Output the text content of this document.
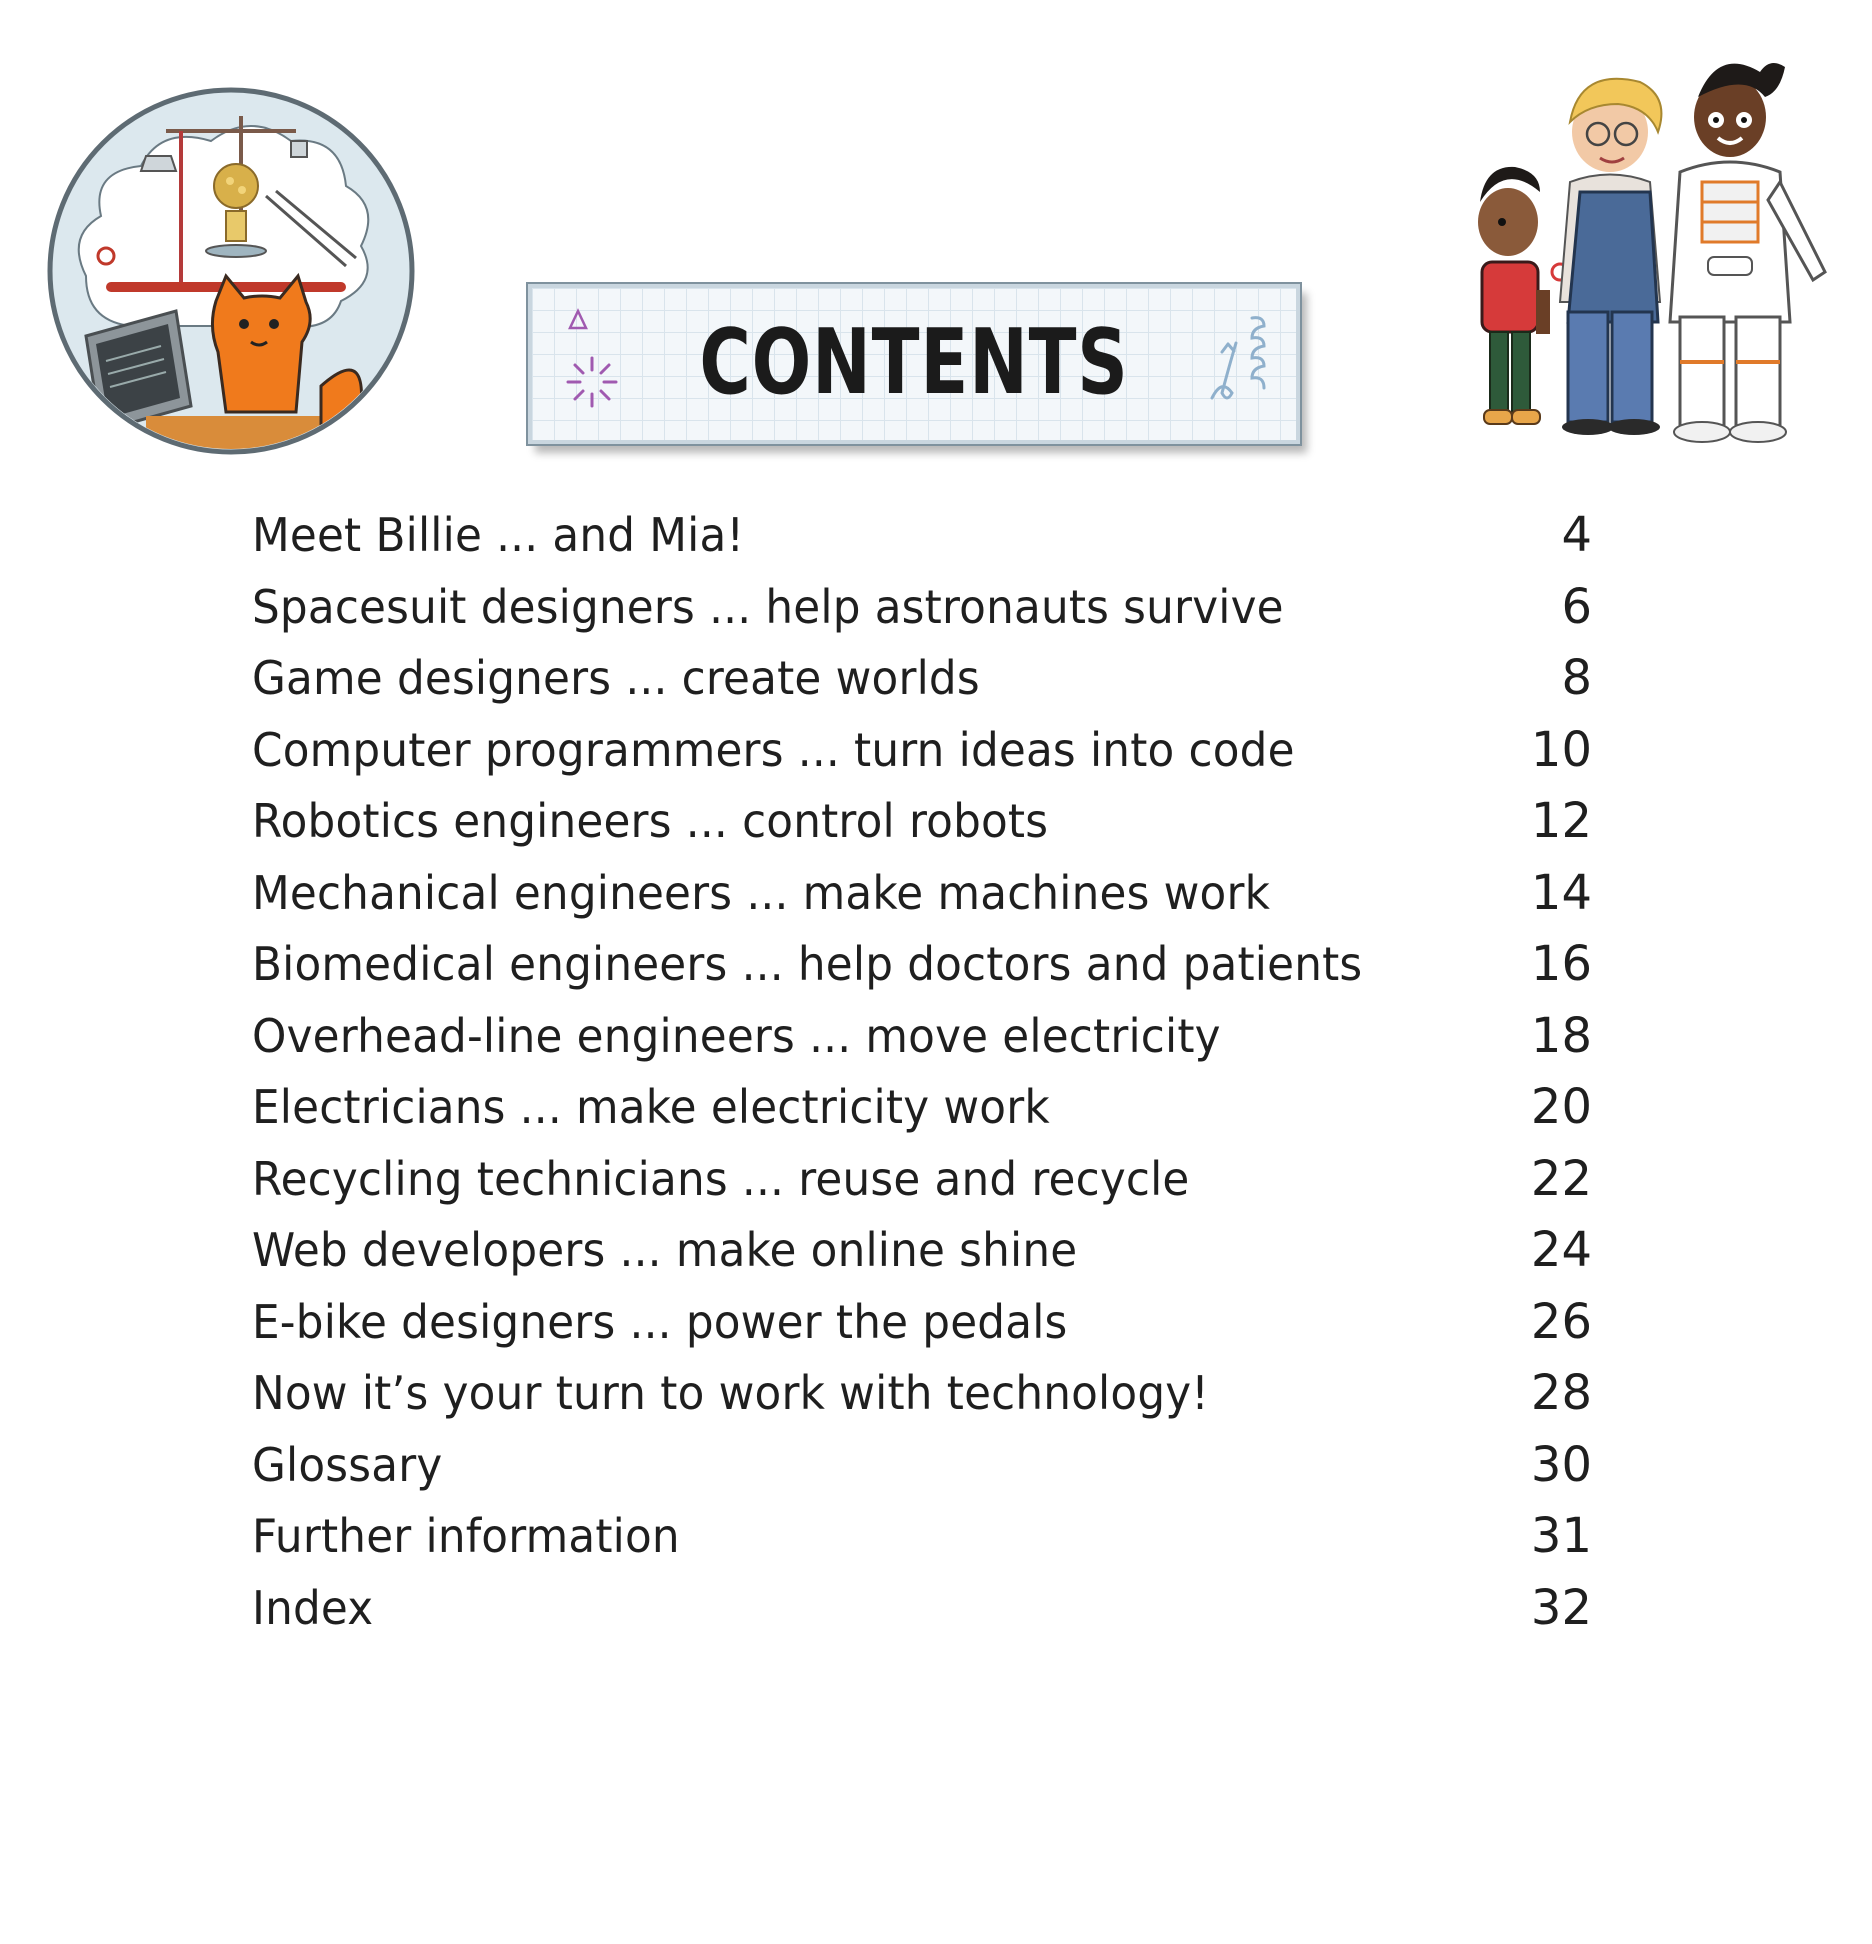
CONTENTS
Meet Billie ... and Mia!	4
Spacesuit designers ... help astronauts survive	6
Game designers ... create worlds	8
Computer programmers ... turn ideas into code	10
Robotics engineers ... control robots	12
Mechanical engineers ... make machines work	14
Biomedical engineers ... help doctors and patients	16
Overhead-line engineers ... move electricity	18
Electricians ... make electricity work	20
Recycling technicians ... reuse and recycle	22
Web developers ... make online shine	24
E-bike designers ... power the pedals	26
Now it’s your turn to work with technology!	28
Glossary	30
Further information	31
Index	32
